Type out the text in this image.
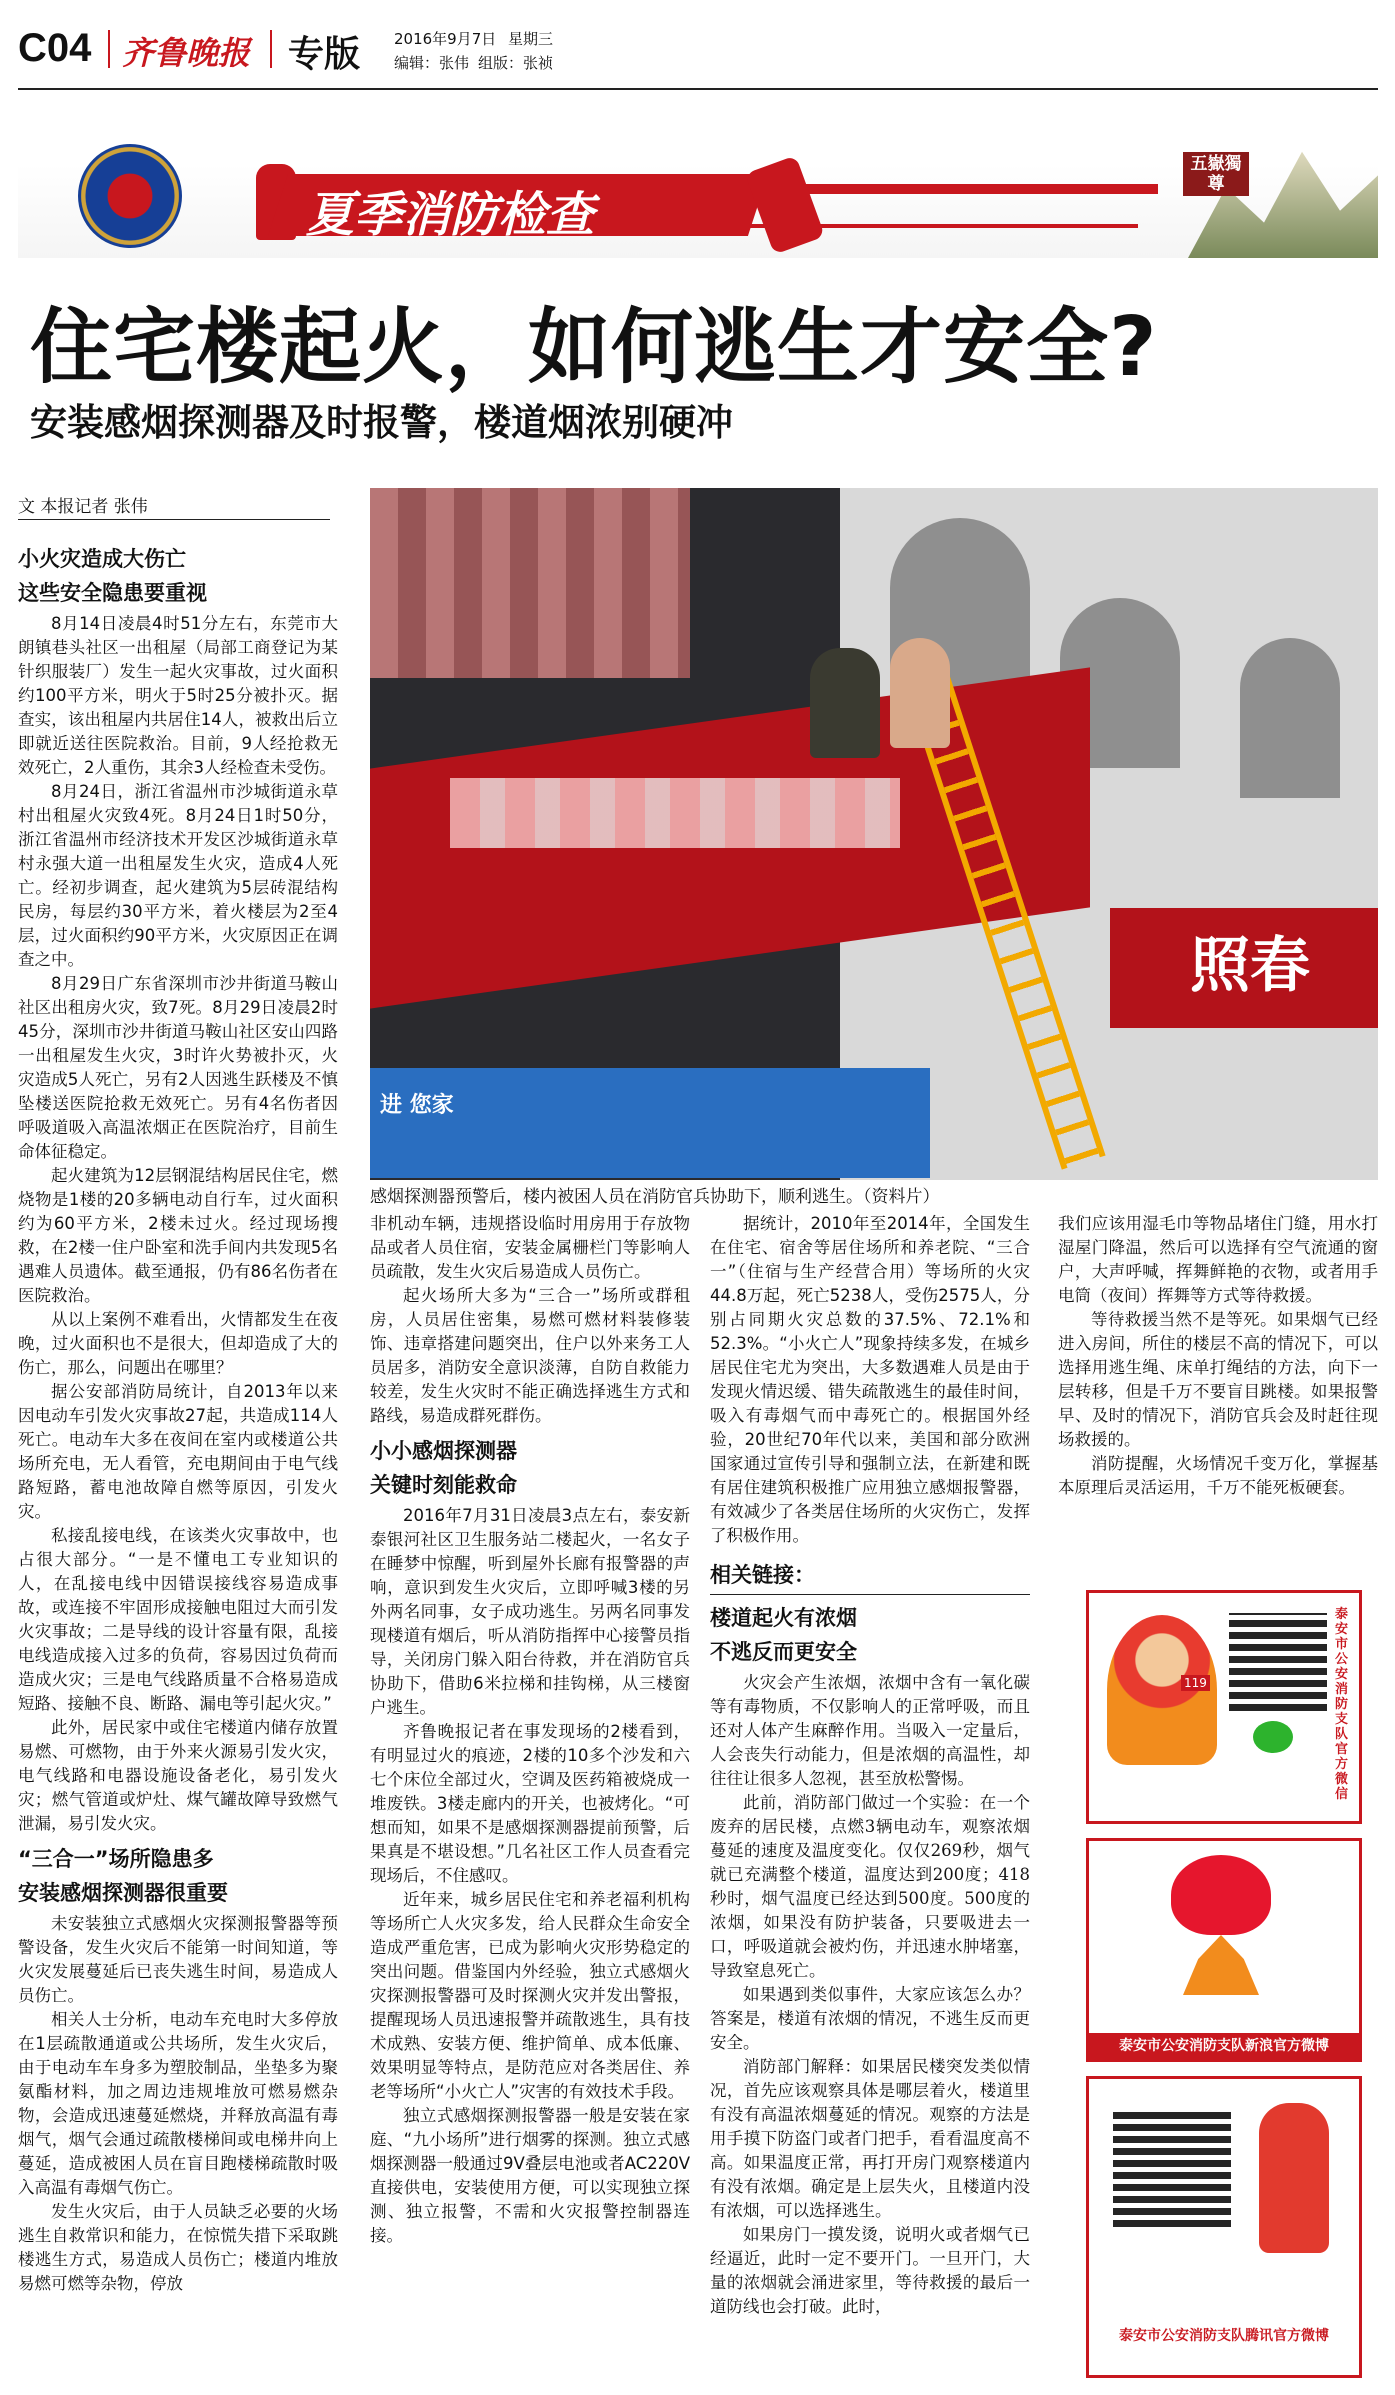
C04 齐鲁晚报 专版 2016年9月7日 星期三
编辑：张伟 组版：张祯
夏季消防检查
五嶽獨尊
住宅楼起火，如何逃生才安全?
安装感烟探测器及时报警，楼道烟浓别硬冲
文 本报记者 张伟
照春
进 您家
感烟探测器预警后，楼内被困人员在消防官兵协助下，顺利逃生。（资料片）
小火灾造成大伤亡
这些安全隐患要重视

8月14日凌晨4时51分左右，东莞市大朗镇巷头社区一出租屋（局部工商登记为某针织服装厂）发生一起火灾事故，过火面积约100平方米，明火于5时25分被扑灭。据查实，该出租屋内共居住14人，被救出后立即就近送往医院救治。目前，9人经抢救无效死亡，2人重伤，其余3人经检查未受伤。

8月24日，浙江省温州市沙城街道永草村出租屋火灾致4死。8月24日1时50分，浙江省温州市经济技术开发区沙城街道永草村永强大道一出租屋发生火灾，造成4人死亡。经初步调查，起火建筑为5层砖混结构民房，每层约30平方米，着火楼层为2至4层，过火面积约90平方米，火灾原因正在调查之中。

8月29日广东省深圳市沙井街道马鞍山社区出租房火灾，致7死。8月29日凌晨2时45分，深圳市沙井街道马鞍山社区安山四路一出租屋发生火灾，3时许火势被扑灭，火灾造成5人死亡，另有2人因逃生跃楼及不慎坠楼送医院抢救无效死亡。另有4名伤者因呼吸道吸入高温浓烟正在医院治疗，目前生命体征稳定。

起火建筑为12层钢混结构居民住宅，燃烧物是1楼的20多辆电动自行车，过火面积约为60平方米，2楼未过火。经过现场搜救，在2楼一住户卧室和洗手间内共发现5名遇难人员遗体。截至通报，仍有86名伤者在医院救治。

从以上案例不难看出，火情都发生在夜晚，过火面积也不是很大，但却造成了大的伤亡，那么，问题出在哪里？

据公安部消防局统计，自2013年以来因电动车引发火灾事故27起，共造成114人死亡。电动车大多在夜间在室内或楼道公共场所充电，无人看管，充电期间由于电气线路短路，蓄电池故障自燃等原因，引发火灾。

私接乱接电线，在该类火灾事故中，也占很大部分。“一是不懂电工专业知识的人，在乱接电线中因错误接线容易造成事故，或连接不牢固形成接触电阻过大而引发火灾事故；二是导线的设计容量有限，乱接电线造成接入过多的负荷，容易因过负荷而造成火灾；三是电气线路质量不合格易造成短路、接触不良、断路、漏电等引起火灾。”

此外，居民家中或住宅楼道内储存放置易燃、可燃物，由于外来火源易引发火灾，电气线路和电器设施设备老化，易引发火灾；燃气管道或炉灶、煤气罐故障导致燃气泄漏，易引发火灾。

“三合一”场所隐患多
安装感烟探测器很重要

未安装独立式感烟火灾探测报警器等预警设备，发生火灾后不能第一时间知道，等火灾发展蔓延后已丧失逃生时间，易造成人员伤亡。

相关人士分析，电动车充电时大多停放在1层疏散通道或公共场所，发生火灾后，由于电动车车身多为塑胶制品，坐垫多为聚氨酯材料，加之周边违规堆放可燃易燃杂物，会造成迅速蔓延燃烧，并释放高温有毒烟气，烟气会通过疏散楼梯间或电梯井向上蔓延，造成被困人员在盲目跑楼梯疏散时吸入高温有毒烟气伤亡。

发生火灾后，由于人员缺乏必要的火场逃生自救常识和能力，在惊慌失措下采取跳楼逃生方式，易造成人员伤亡；楼道内堆放易燃可燃等杂物，停放

非机动车辆，违规搭设临时用房用于存放物品或者人员住宿，安装金属栅栏门等影响人员疏散，发生火灾后易造成人员伤亡。

起火场所大多为“三合一”场所或群租房，人员居住密集，易燃可燃材料装修装饰、违章搭建问题突出，住户以外来务工人员居多，消防安全意识淡薄，自防自救能力较差，发生火灾时不能正确选择逃生方式和路线，易造成群死群伤。

小小感烟探测器
关键时刻能救命

2016年7月31日凌晨3点左右，泰安新泰银河社区卫生服务站二楼起火，一名女子在睡梦中惊醒，听到屋外长廊有报警器的声响，意识到发生火灾后，立即呼喊3楼的另外两名同事，女子成功逃生。另两名同事发现楼道有烟后，听从消防指挥中心接警员指导，关闭房门躲入阳台待救，并在消防官兵协助下，借助6米拉梯和挂钩梯，从三楼窗户逃生。

齐鲁晚报记者在事发现场的2楼看到，有明显过火的痕迹，2楼的10多个沙发和六七个床位全部过火，空调及医药箱被烧成一堆废铁。3楼走廊内的开关，也被烤化。“可想而知，如果不是感烟探测器提前预警，后果真是不堪设想。”几名社区工作人员查看完现场后，不住感叹。

近年来，城乡居民住宅和养老福利机构等场所亡人火灾多发，给人民群众生命安全造成严重危害，已成为影响火灾形势稳定的突出问题。借鉴国内外经验，独立式感烟火灾探测报警器可及时探测火灾并发出警报，提醒现场人员迅速报警并疏散逃生，具有技术成熟、安装方便、维护简单、成本低廉、效果明显等特点，是防范应对各类居住、养老等场所“小火亡人”灾害的有效技术手段。

独立式感烟探测报警器一般是安装在家庭、“九小场所”进行烟雾的探测。独立式感烟探测器一般通过9V叠层电池或者AC220V直接供电，安装使用方便，可以实现独立探测、独立报警，不需和火灾报警控制器连接。

据统计，2010年至2014年，全国发生在住宅、宿舍等居住场所和养老院、“三合一”（住宿与生产经营合用）等场所的火灾44.8万起，死亡5238人，受伤2575人，分别占同期火灾总数的37.5%、72.1%和52.3%。“小火亡人”现象持续多发，在城乡居民住宅尤为突出，大多数遇难人员是由于发现火情迟缓、错失疏散逃生的最佳时间，吸入有毒烟气而中毒死亡的。根据国外经验，20世纪70年代以来，美国和部分欧洲国家通过宣传引导和强制立法，在新建和既有居住建筑积极推广应用独立感烟报警器，有效减少了各类居住场所的火灾伤亡，发挥了积极作用。

相关链接：
楼道起火有浓烟
不逃反而更安全

火灾会产生浓烟，浓烟中含有一氧化碳等有毒物质，不仅影响人的正常呼吸，而且还对人体产生麻醉作用。当吸入一定量后，人会丧失行动能力，但是浓烟的高温性，却往往让很多人忽视，甚至放松警惕。

此前，消防部门做过一个实验：在一个废弃的居民楼，点燃3辆电动车，观察浓烟蔓延的速度及温度变化。仅仅269秒，烟气就已充满整个楼道，温度达到200度；418秒时，烟气温度已经达到500度。500度的浓烟，如果没有防护装备，只要吸进去一口，呼吸道就会被灼伤，并迅速水肿堵塞，导致窒息死亡。

如果遇到类似事件，大家应该怎么办？答案是，楼道有浓烟的情况，不逃生反而更安全。

消防部门解释：如果居民楼突发类似情况，首先应该观察具体是哪层着火，楼道里有没有高温浓烟蔓延的情况。观察的方法是用手摸下防盗门或者门把手，看看温度高不高。如果温度正常，再打开房门观察楼道内有没有浓烟。确定是上层失火，且楼道内没有浓烟，可以选择逃生。

如果房门一摸发烫，说明火或者烟气已经逼近，此时一定不要开门。一旦开门，大量的浓烟就会涌进家里，等待救援的最后一道防线也会打破。此时，

我们应该用湿毛巾等物品堵住门缝，用水打湿屋门降温，然后可以选择有空气流通的窗户，大声呼喊，挥舞鲜艳的衣物，或者用手电筒（夜间）挥舞等方式等待救援。

等待救援当然不是等死。如果烟气已经进入房间，所住的楼层不高的情况下，可以选择用逃生绳、床单打绳结的方法，向下一层转移，但是千万不要盲目跳楼。如果报警早、及时的情况下，消防官兵会及时赶往现场救援的。

消防提醒，火场情况千变万化，掌握基本原理后灵活运用，千万不能死板硬套。

119
泰安市公安消防支队官方微信
泰安市公安消防支队新浪官方微博
泰安市公安消防支队腾讯官方微博
